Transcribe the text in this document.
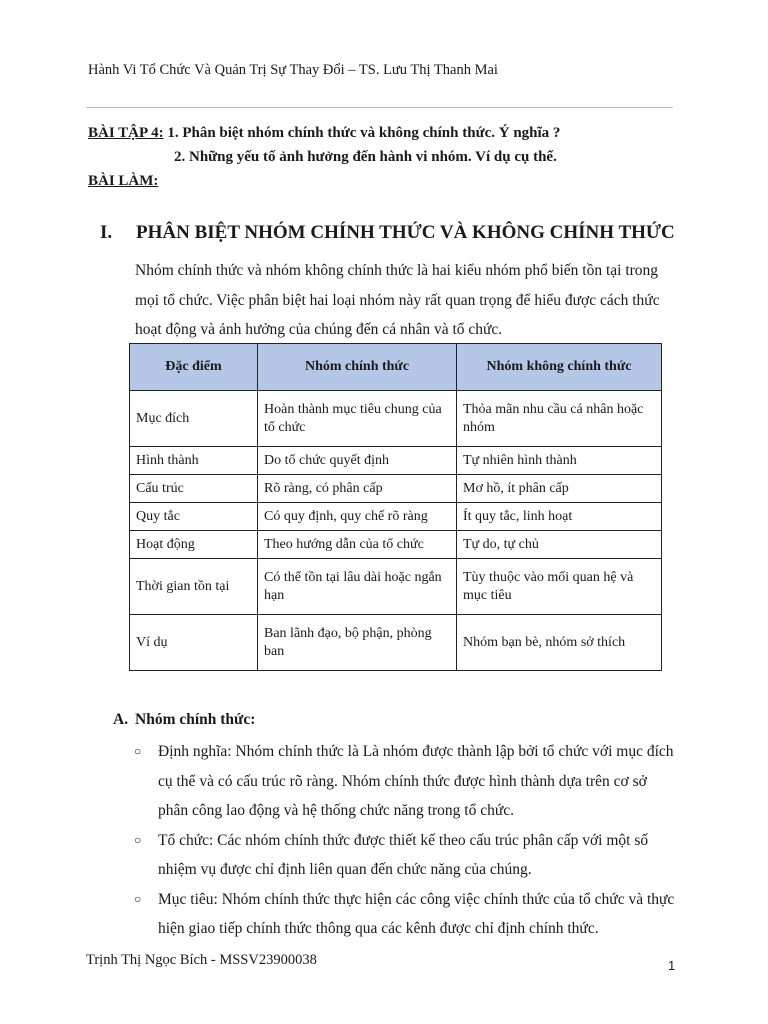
Hành Vi Tổ Chức Và Quản Trị Sự Thay Đổi – TS. Lưu Thị Thanh Mai
BÀI TẬP 4: 1. Phân biệt nhóm chính thức và không chính thức. Ý nghĩa ?
2. Những yếu tố ảnh hưởng đến hành vi nhóm. Ví dụ cụ thể.
BÀI LÀM:
I. PHÂN BIỆT NHÓM CHÍNH THỨC VÀ KHÔNG CHÍNH THỨC
Nhóm chính thức và nhóm không chính thức là hai kiểu nhóm phổ biến tồn tại trong mọi tổ chức. Việc phân biệt hai loại nhóm này rất quan trọng để hiểu được cách thức hoạt động và ảnh hưởng của chúng đến cá nhân và tổ chức.
Đặc điểm	Nhóm chính thức	Nhóm không chính thức
Mục đích	Hoàn thành mục tiêu chung của tổ chức	Thỏa mãn nhu cầu cá nhân hoặc nhóm
Hình thành	Do tổ chức quyết định	Tự nhiên hình thành
Cấu trúc	Rõ ràng, có phân cấp	Mơ hồ, ít phân cấp
Quy tắc	Có quy định, quy chế rõ ràng	Ít quy tắc, linh hoạt
Hoạt động	Theo hướng dẫn của tổ chức	Tự do, tự chủ
Thời gian tồn tại	Có thể tồn tại lâu dài hoặc ngắn hạn	Tùy thuộc vào mối quan hệ và mục tiêu
Ví dụ	Ban lãnh đạo, bộ phận, phòng ban	Nhóm bạn bè, nhóm sở thích
A. Nhóm chính thức:
○ Định nghĩa: Nhóm chính thức là Là nhóm được thành lập bởi tổ chức với mục đích cụ thể và có cấu trúc rõ ràng. Nhóm chính thức được hình thành dựa trên cơ sở phân công lao động và hệ thống chức năng trong tổ chức.
○ Tổ chức: Các nhóm chính thức được thiết kế theo cấu trúc phân cấp với một số nhiệm vụ được chỉ định liên quan đến chức năng của chúng.
○ Mục tiêu: Nhóm chính thức thực hiện các công việc chính thức của tổ chức và thực hiện giao tiếp chính thức thông qua các kênh được chỉ định chính thức.
Trịnh Thị Ngọc Bích - MSSV23900038	1
